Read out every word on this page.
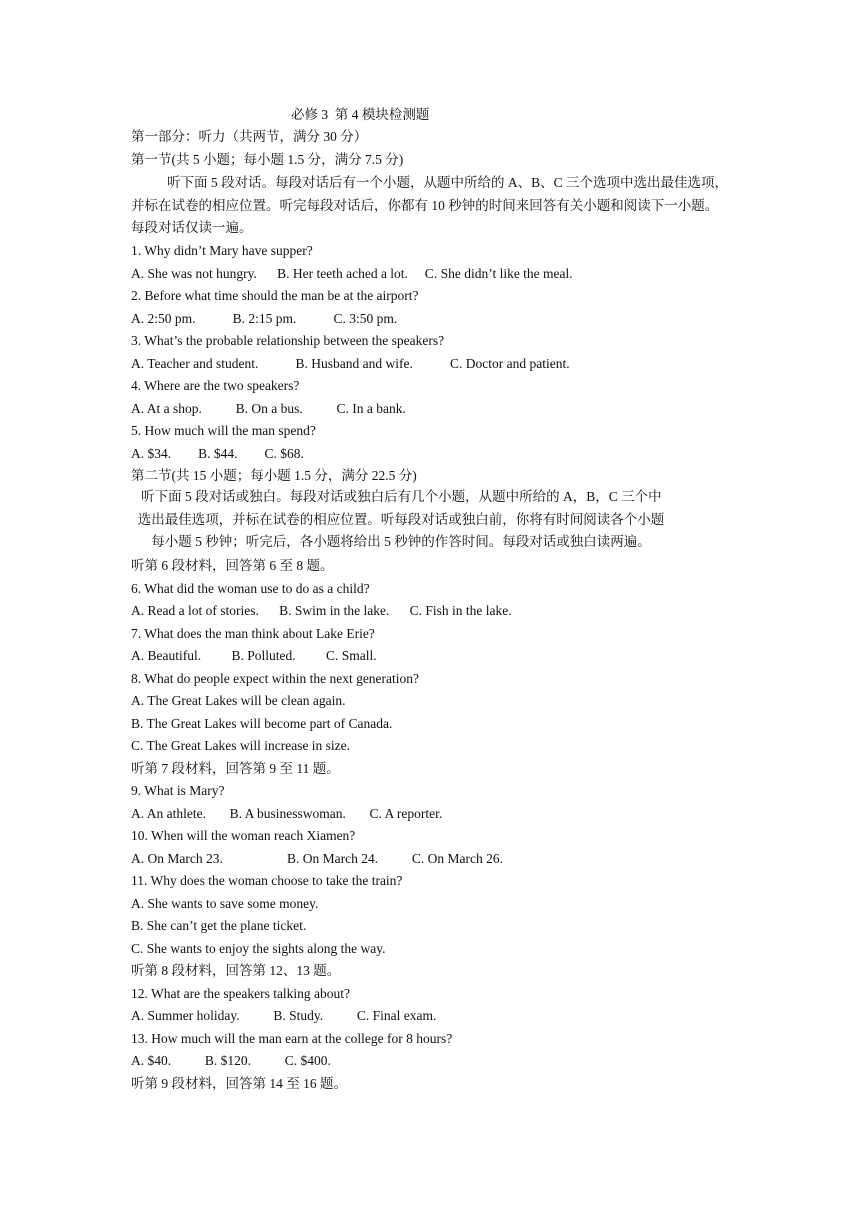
必修 3  第 4 模块检测题
第一部分：听力（共两节，满分 30 分）
第一节(共 5 小题；每小题 1.5 分，满分 7.5 分)
听下面 5 段对话。每段对话后有一个小题，从题中所给的 A、B、C 三个选项中选出最佳选项，并标在试卷的相应位置。听完每段对话后，你都有 10 秒钟的时间来回答有关小题和阅读下一小题。每段对话仅读一遍。
1. Why didn’t Mary have supper?
A. She was not hungry.      B. Her teeth ached a lot.     C. She didn’t like the meal.
2. Before what time should the man be at the airport?
A. 2:50 pm.           B. 2:15 pm.           C. 3:50 pm.
3. What’s the probable relationship between the speakers?
A. Teacher and student.           B. Husband and wife.           C. Doctor and patient.
4. Where are the two speakers?
A. At a shop.          B. On a bus.          C. In a bank.
5. How much will the man spend?
A. $34.        B. $44.        C. $68.
第二节(共 15 小题；每小题 1.5 分，满分 22.5 分)
听下面 5 段对话或独白。每段对话或独白后有几个小题，从题中所给的 A，B，C 三个中
选出最佳选项，并标在试卷的相应位置。听每段对话或独白前，你将有时间阅读各个小题
每小题 5 秒钟；听完后，各小题将给出 5 秒钟的作答时间。每段对话或独白读两遍。
听第 6 段材料，回答第 6 至 8 题。
6. What did the woman use to do as a child?
A. Read a lot of stories.      B. Swim in the lake.      C. Fish in the lake.
7. What does the man think about Lake Erie?
A. Beautiful.         B. Polluted.         C. Small.
8. What do people expect within the next generation?
A. The Great Lakes will be clean again.
B. The Great Lakes will become part of Canada.
C. The Great Lakes will increase in size.
听第 7 段材料，回答第 9 至 11 题。
9. What is Mary?
A. An athlete.       B. A businesswoman.       C. A reporter.
10. When will the woman reach Xiamen?
A. On March 23.                   B. On March 24.          C. On March 26.
11. Why does the woman choose to take the train?
A. She wants to save some money.
B. She can’t get the plane ticket.
C. She wants to enjoy the sights along the way.
听第 8 段材料，回答第 12、13 题。
12. What are the speakers talking about?
A. Summer holiday.          B. Study.          C. Final exam.
13. How much will the man earn at the college for 8 hours?
A. $40.          B. $120.          C. $400.
听第 9 段材料，回答第 14 至 16 题。
